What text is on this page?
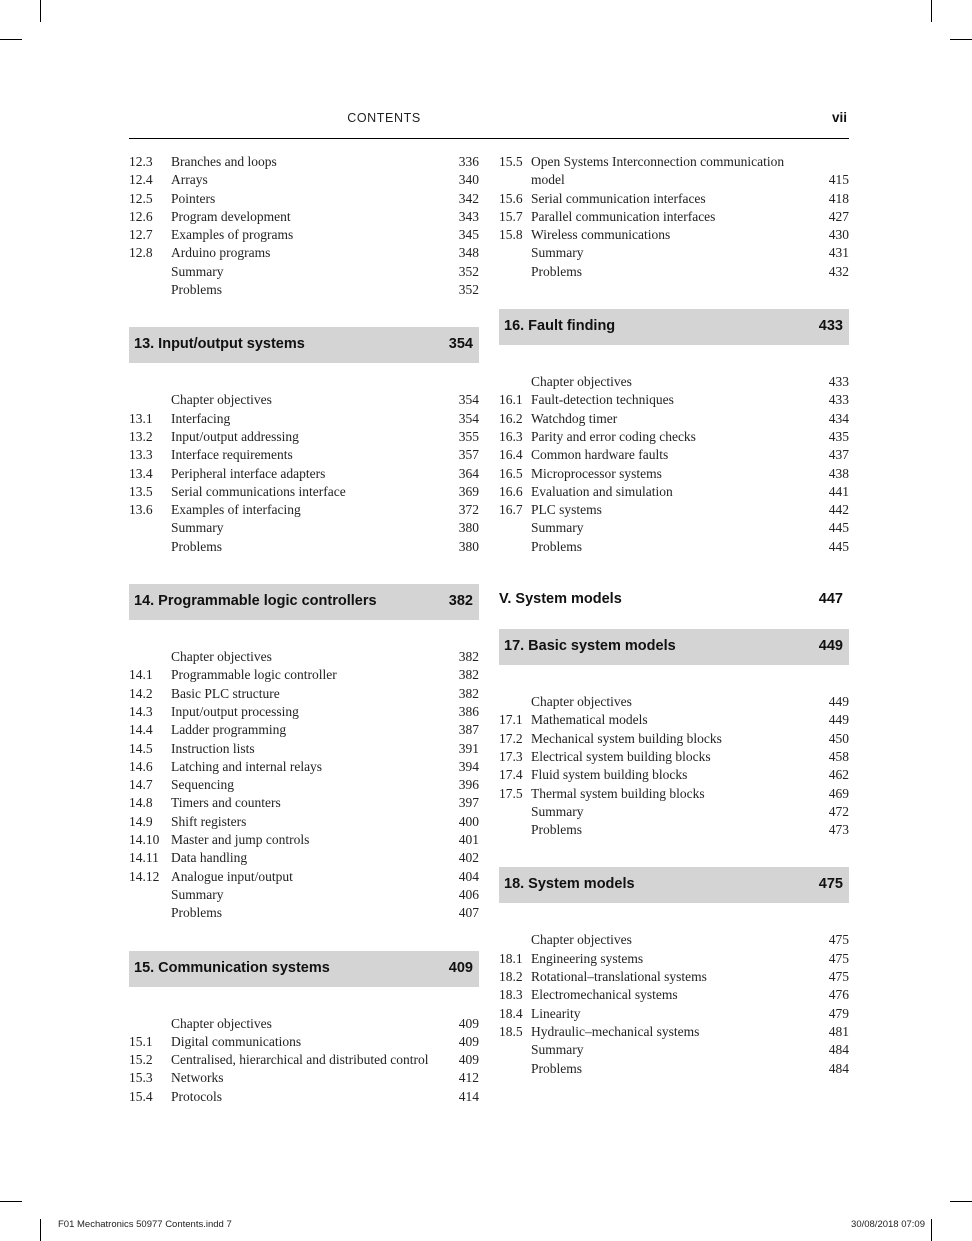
CONTENTS	vii
12.3 Branches and loops	336
12.4 Arrays	340
12.5 Pointers	342
12.6 Program development	343
12.7 Examples of programs	345
12.8 Arduino programs	348
Summary	352
Problems	352
13. Input/output systems	354
Chapter objectives	354
13.1 Interfacing	354
13.2 Input/output addressing	355
13.3 Interface requirements	357
13.4 Peripheral interface adapters	364
13.5 Serial communications interface	369
13.6 Examples of interfacing	372
Summary	380
Problems	380
14. Programmable logic controllers	382
Chapter objectives	382
14.1 Programmable logic controller	382
14.2 Basic PLC structure	382
14.3 Input/output processing	386
14.4 Ladder programming	387
14.5 Instruction lists	391
14.6 Latching and internal relays	394
14.7 Sequencing	396
14.8 Timers and counters	397
14.9 Shift registers	400
14.10 Master and jump controls	401
14.11 Data handling	402
14.12 Analogue input/output	404
Summary	406
Problems	407
15. Communication systems	409
Chapter objectives	409
15.1 Digital communications	409
15.2 Centralised, hierarchical and distributed control	409
15.3 Networks	412
15.4 Protocols	414
15.5 Open Systems Interconnection communication model	415
15.6 Serial communication interfaces	418
15.7 Parallel communication interfaces	427
15.8 Wireless communications	430
Summary	431
Problems	432
16. Fault finding	433
Chapter objectives	433
16.1 Fault-detection techniques	433
16.2 Watchdog timer	434
16.3 Parity and error coding checks	435
16.4 Common hardware faults	437
16.5 Microprocessor systems	438
16.6 Evaluation and simulation	441
16.7 PLC systems	442
Summary	445
Problems	445
V. System models	447
17. Basic system models	449
Chapter objectives	449
17.1 Mathematical models	449
17.2 Mechanical system building blocks	450
17.3 Electrical system building blocks	458
17.4 Fluid system building blocks	462
17.5 Thermal system building blocks	469
Summary	472
Problems	473
18. System models	475
Chapter objectives	475
18.1 Engineering systems	475
18.2 Rotational–translational systems	475
18.3 Electromechanical systems	476
18.4 Linearity	479
18.5 Hydraulic–mechanical systems	481
Summary	484
Problems	484
F01 Mechatronics 50977 Contents.indd 7	30/08/2018 07:09
